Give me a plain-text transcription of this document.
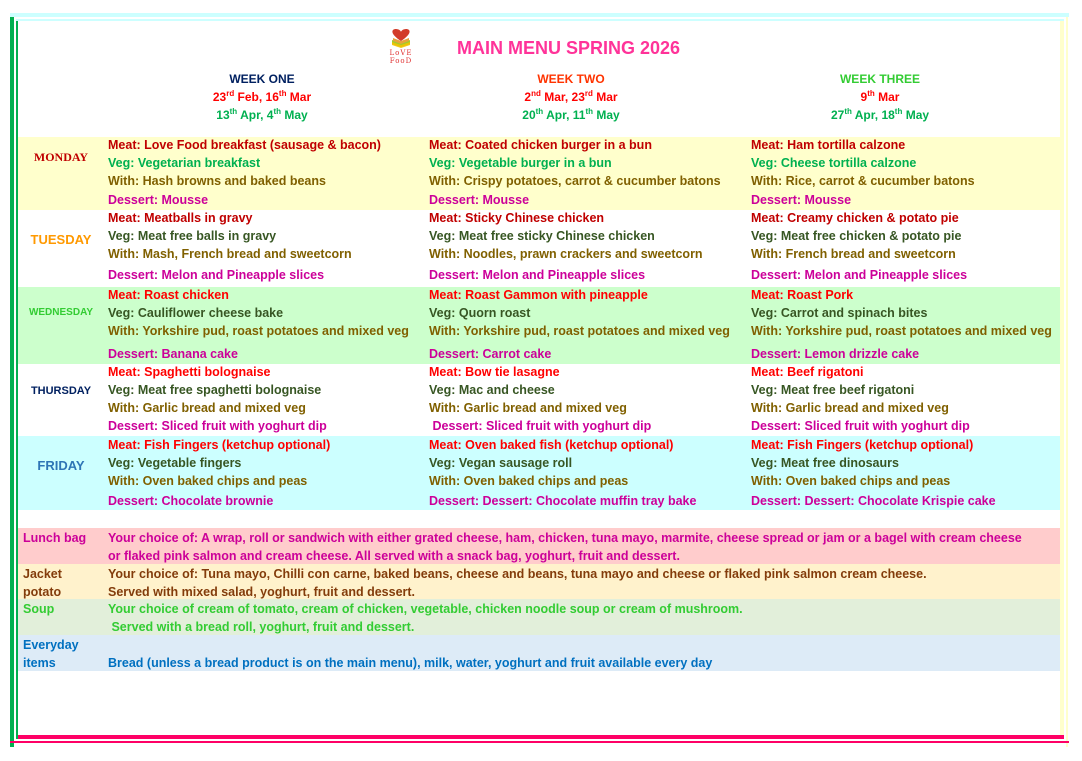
LoVE FooD
MAIN MENU SPRING 2026
WEEK ONE
23rd Feb, 16th Mar
13th Apr, 4th May
WEEK TWO
2nd Mar, 23rd Mar
20th Apr, 11th May
WEEK THREE
9th Mar
27th Apr, 18th May
MONDAY
Meat: Love Food breakfast (sausage & bacon)
Veg: Vegetarian breakfast
With: Hash browns and baked beans
Dessert: Mousse
Meat: Coated chicken burger in a bun
Veg: Vegetable burger in a bun
With: Crispy potatoes, carrot & cucumber batons
Dessert: Mousse
Meat: Ham tortilla calzone
Veg: Cheese tortilla calzone
With: Rice, carrot & cucumber batons
Dessert: Mousse
TUESDAY
Meat: Meatballs in gravy
Veg: Meat free balls in gravy
With: Mash, French bread and sweetcorn
Dessert: Melon and Pineapple slices
Meat: Sticky Chinese chicken
Veg: Meat free sticky Chinese chicken
With: Noodles, prawn crackers and sweetcorn
Dessert: Melon and Pineapple slices
Meat: Creamy chicken & potato pie
Veg: Meat free chicken & potato pie
With: French bread and sweetcorn
Dessert: Melon and Pineapple slices
WEDNESDAY
Meat: Roast chicken
Veg: Cauliflower cheese bake
With: Yorkshire pud, roast potatoes and mixed veg
Dessert: Banana cake
Meat: Roast Gammon with pineapple
Veg: Quorn roast
With: Yorkshire pud, roast potatoes and mixed veg
Dessert: Carrot cake
Meat: Roast Pork
Veg: Carrot and spinach bites
With: Yorkshire pud, roast potatoes and mixed veg
Dessert: Lemon drizzle cake
THURSDAY
Meat: Spaghetti bolognaise
Veg: Meat free spaghetti bolognaise
With: Garlic bread and mixed veg
Dessert: Sliced fruit with yoghurt dip
Meat: Bow tie lasagne
Veg: Mac and cheese
With: Garlic bread and mixed veg
Dessert: Sliced fruit with yoghurt dip
Meat: Beef rigatoni
Veg: Meat free beef rigatoni
With: Garlic bread and mixed veg
Dessert: Sliced fruit with yoghurt dip
FRIDAY
Meat: Fish Fingers (ketchup optional)
Veg: Vegetable fingers
With: Oven baked chips and peas
Dessert: Chocolate brownie
Meat: Oven baked fish (ketchup optional)
Veg: Vegan sausage roll
With: Oven baked chips and peas
Dessert: Dessert: Chocolate muffin tray bake
Meat: Fish Fingers (ketchup optional)
Veg: Meat free dinosaurs
With: Oven baked chips and peas
Dessert: Dessert: Chocolate Krispie cake
Lunch bag Your choice of: A wrap, roll or sandwich with either grated cheese, ham, chicken, tuna mayo, marmite, cheese spread or jam or a bagel with cream cheese
or flaked pink salmon and cream cheese. All served with a snack bag, yoghurt, fruit and dessert.
Jacket
potato
Your choice of: Tuna mayo, Chilli con carne, baked beans, cheese and beans, tuna mayo and cheese or flaked pink salmon cream cheese.
Served with mixed salad, yoghurt, fruit and dessert.
Soup	Your choice of cream of tomato, cream of chicken, vegetable, chicken noodle soup or cream of mushroom.
Served with a bread roll, yoghurt, fruit and dessert.
Everyday
items	Bread (unless a bread product is on the main menu), milk, water, yoghurt and fruit available every day
